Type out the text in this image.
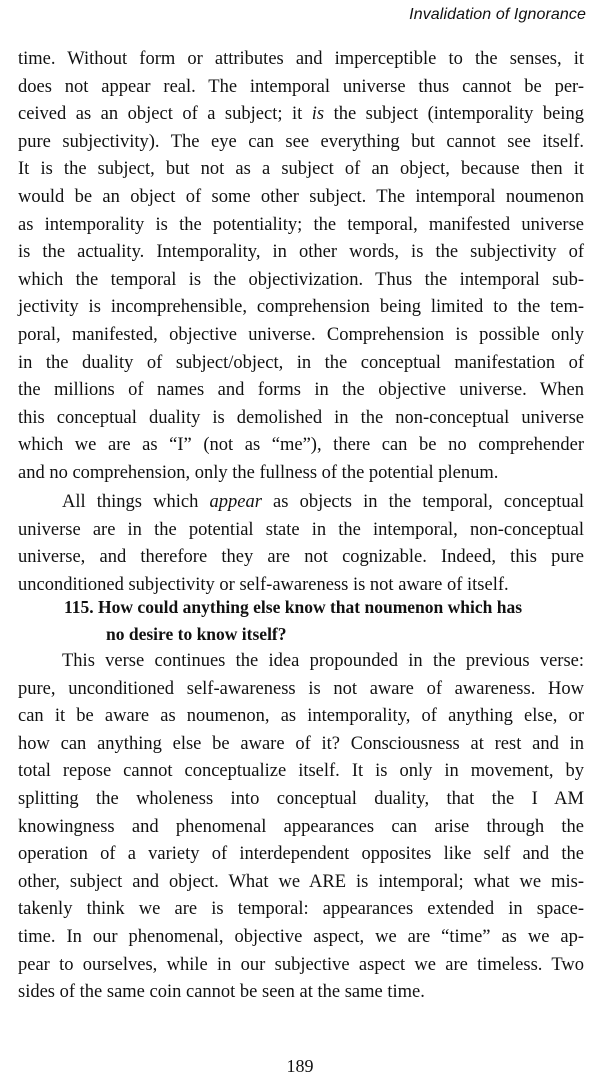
Invalidation of Ignorance
time. Without form or attributes and imperceptible to the senses, it
does not appear real. The intemporal universe thus cannot be per-
ceived as an object of a subject; it is the subject (intemporality being
pure subjectivity). The eye can see everything but cannot see itself.
It is the subject, but not as a subject of an object, because then it
would be an object of some other subject. The intemporal noumenon
as intemporality is the potentiality; the temporal, manifested universe
is the actuality. Intemporality, in other words, is the subjectivity of
which the temporal is the objectivization. Thus the intemporal sub-
jectivity is incomprehensible, comprehension being limited to the tem-
poral, manifested, objective universe. Comprehension is possible only
in the duality of subject/object, in the conceptual manifestation of
the millions of names and forms in the objective universe. When
this conceptual duality is demolished in the non-conceptual universe
which we are as “I” (not as “me”), there can be no comprehender
and no comprehension, only the fullness of the potential plenum.
All things which appear as objects in the temporal, conceptual
universe are in the potential state in the intemporal, non-conceptual
universe, and therefore they are not cognizable. Indeed, this pure
unconditioned subjectivity or self-awareness is not aware of itself.
115. How could anything else know that noumenon which has
no desire to know itself?
This verse continues the idea propounded in the previous verse:
pure, unconditioned self-awareness is not aware of awareness. How
can it be aware as noumenon, as intemporality, of anything else, or
how can anything else be aware of it? Consciousness at rest and in
total repose cannot conceptualize itself. It is only in movement, by
splitting the wholeness into conceptual duality, that the I AM
knowingness and phenomenal appearances can arise through the
operation of a variety of interdependent opposites like self and the
other, subject and object. What we ARE is intemporal; what we mis-
takenly think we are is temporal: appearances extended in space-
time. In our phenomenal, objective aspect, we are “time” as we ap-
pear to ourselves, while in our subjective aspect we are timeless. Two
sides of the same coin cannot be seen at the same time.
189
